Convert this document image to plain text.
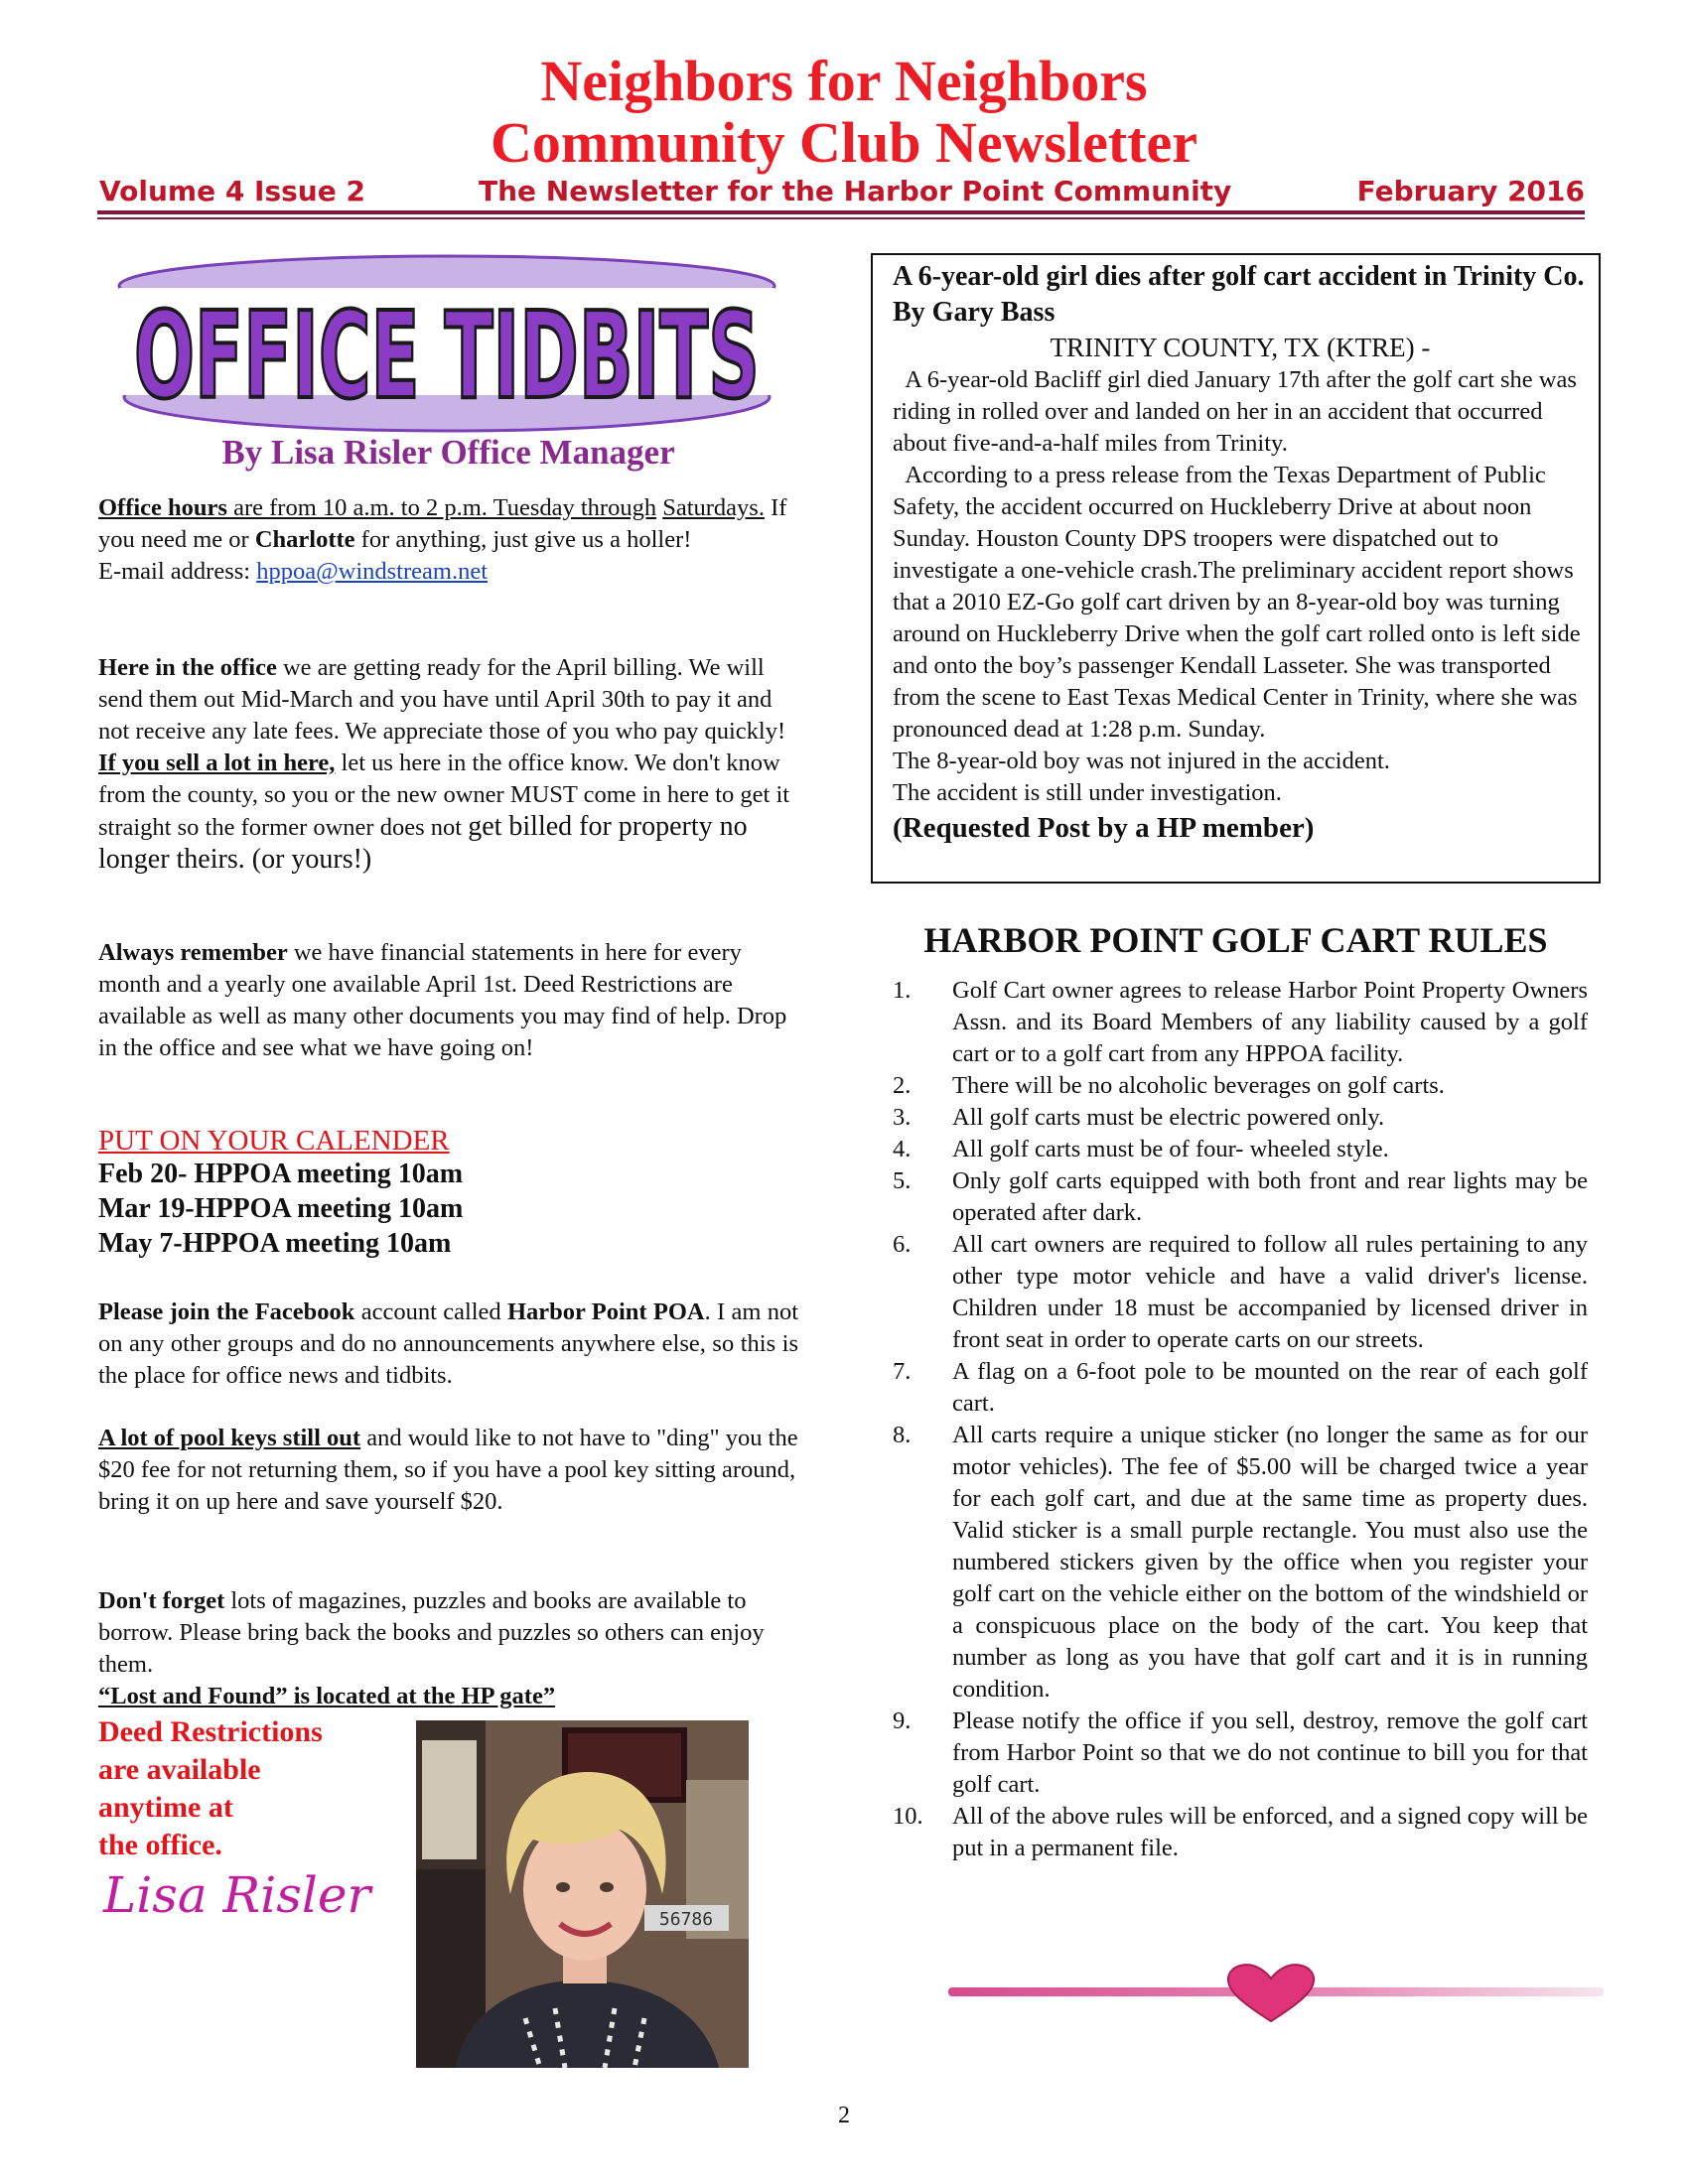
Neighbors for Neighbors
Community Club Newsletter
Volume 4 Issue 2	The Newsletter for the Harbor Point Community	February 2016
OFFICE TIDBITS
By Lisa Risler Office Manager

Office hours are from 10 a.m. to 2 p.m. Tuesday through Saturdays. If you need me or Charlotte for anything, just give us a holler!

E-mail address: hppoa@windstream.net

Here in the office we are getting ready for the April billing. We will send them out Mid-March and you have until April 30th to pay it and not receive any late fees. We appreciate those of you who pay quickly!

If you sell a lot in here, let us here in the office know. We don't know from the county, so you or the new owner MUST come in here to get it straight so the former owner does not get billed for property no longer theirs. (or yours!)

Always remember we have financial statements in here for every month and a yearly one available April 1st. Deed Restrictions are available as well as many other documents you may find of help. Drop in the office and see what we have going on!

PUT ON YOUR CALENDER
Feb 20- HPPOA meeting 10am
Mar 19-HPPOA meeting 10am
May 7-HPPOA meeting 10am

Please join the Facebook account called Harbor Point POA. I am not on any other groups and do no announcements anywhere else, so this is the place for office news and tidbits.

A lot of pool keys still out and would like to not have to "ding" you the $20 fee for not returning them, so if you have a pool key sitting around, bring it on up here and save yourself $20.

Don't forget lots of magazines, puzzles and books are available to borrow. Please bring back the books and puzzles so others can enjoy them.

“Lost and Found” is located at the HP gate”

Deed Restrictions
are available
anytime at
the office.
Lisa Risler	56786

A 6-year-old girl dies after golf cart accident in Trinity Co. By Gary Bass

TRINITY COUNTY, TX (KTRE) -

A 6-year-old Bacliff girl died January 17th after the golf cart she was riding in rolled over and landed on her in an accident that occurred about five-and-a-half miles from Trinity.

According to a press release from the Texas Department of Public Safety, the accident occurred on Huckleberry Drive at about noon Sunday. Houston County DPS troopers were dispatched out to investigate a one-vehicle crash.The preliminary accident report shows that a 2010 EZ-Go golf cart driven by an 8-year-old boy was turning around on Huckleberry Drive when the golf cart rolled onto is left side and onto the boy’s passenger Kendall Lasseter. She was transported from the scene to East Texas Medical Center in Trinity, where she was pronounced dead at 1:28 p.m. Sunday.

The 8-year-old boy was not injured in the accident.

The accident is still under investigation.

(Requested Post by a HP member)

HARBOR POINT GOLF CART RULES
1. Golf Cart owner agrees to release Harbor Point Property Owners Assn. and its Board Members of any liability caused by a golf cart or to a golf cart from any HPPOA facility.
2. There will be no alcoholic beverages on golf carts.
3. All golf carts must be electric powered only.
4. All golf carts must be of four- wheeled style.
5. Only golf carts equipped with both front and rear lights may be operated after dark.
6. All cart owners are required to follow all rules pertaining to any other type motor vehicle and have a valid driver's license. Children under 18 must be accompanied by licensed driver in front seat in order to operate carts on our streets.
7. A flag on a 6-foot pole to be mounted on the rear of each golf cart.
8. All carts require a unique sticker (no longer the same as for our motor vehicles). The fee of $5.00 will be charged twice a year for each golf cart, and due at the same time as property dues. Valid sticker is a small purple rectangle. You must also use the numbered stickers given by the office when you register your golf cart on the vehicle either on the bottom of the windshield or a conspicuous place on the body of the cart. You keep that number as long as you have that golf cart and it is in running condition.
9. Please notify the office if you sell, destroy, remove the golf cart from Harbor Point so that we do not continue to bill you for that golf cart.
10. All of the above rules will be enforced, and a signed copy will be put in a permanent file.
2
